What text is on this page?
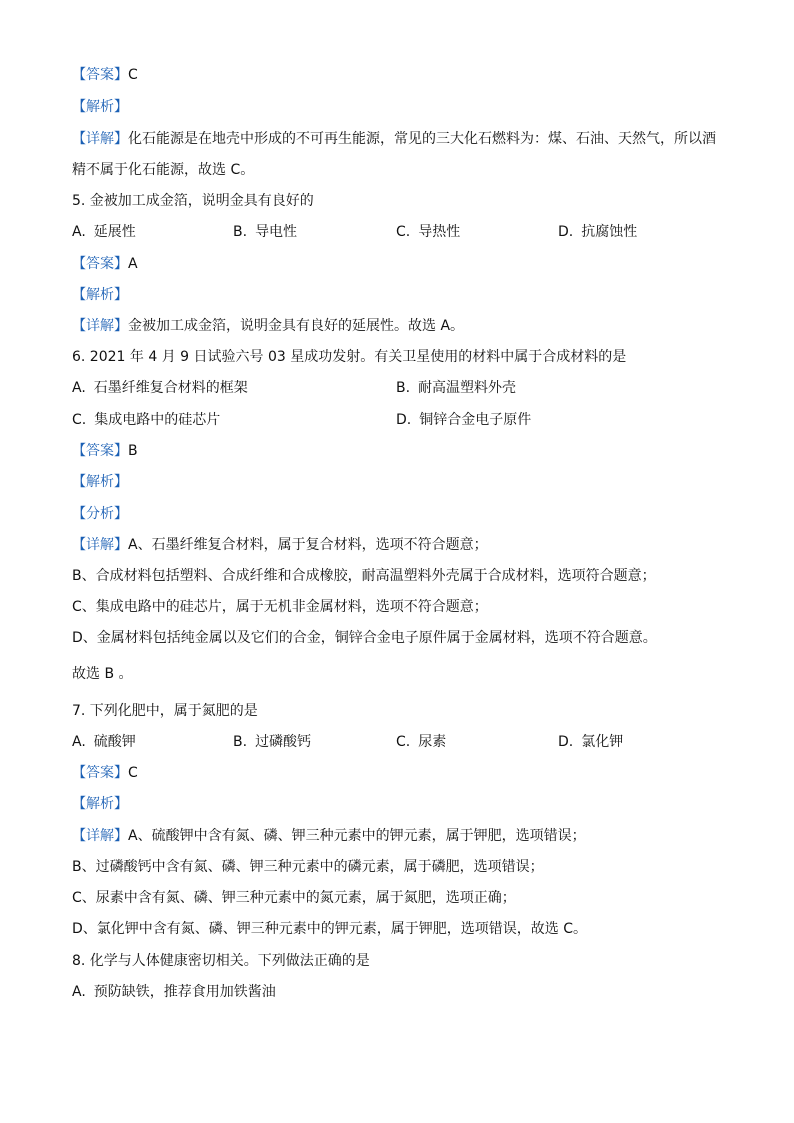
【答案】C
【解析】
【详解】化石能源是在地壳中形成的不可再生能源，常见的三大化石燃料为：煤、石油、天然气，所以酒
精不属于化石能源，故选 C。
5. 金被加工成金箔，说明金具有良好的
A. 延展性	B. 导电性	C. 导热性	D. 抗腐蚀性
【答案】A
【解析】
【详解】金被加工成金箔，说明金具有良好的延展性。故选 A。
6. 2021 年 4 月 9 日试验六号 03 星成功发射。有关卫星使用的材料中属于合成材料的是
A. 石墨纤维复合材料的框架	B. 耐高温塑料外壳
C. 集成电路中的硅芯片	D. 铜锌合金电子原件
【答案】B
【解析】
【分析】
【详解】A、石墨纤维复合材料，属于复合材料，选项不符合题意；
B、合成材料包括塑料、合成纤维和合成橡胶，耐高温塑料外壳属于合成材料，选项符合题意；
C、集成电路中的硅芯片，属于无机非金属材料，选项不符合题意；
D、金属材料包括纯金属以及它们的合金，铜锌合金电子原件属于金属材料，选项不符合题意。
故选 B 。
7. 下列化肥中，属于氮肥的是
A. 硫酸钾	B. 过磷酸钙	C. 尿素	D. 氯化钾
【答案】C
【解析】
【详解】A、硫酸钾中含有氮、磷、钾三种元素中的钾元素，属于钾肥，选项错误；
B、过磷酸钙中含有氮、磷、钾三种元素中的磷元素，属于磷肥，选项错误；
C、尿素中含有氮、磷、钾三种元素中的氮元素，属于氮肥，选项正确；
D、氯化钾中含有氮、磷、钾三种元素中的钾元素，属于钾肥，选项错误，故选 C。
8. 化学与人体健康密切相关。下列做法正确的是
A. 预防缺铁，推荐食用加铁酱油
